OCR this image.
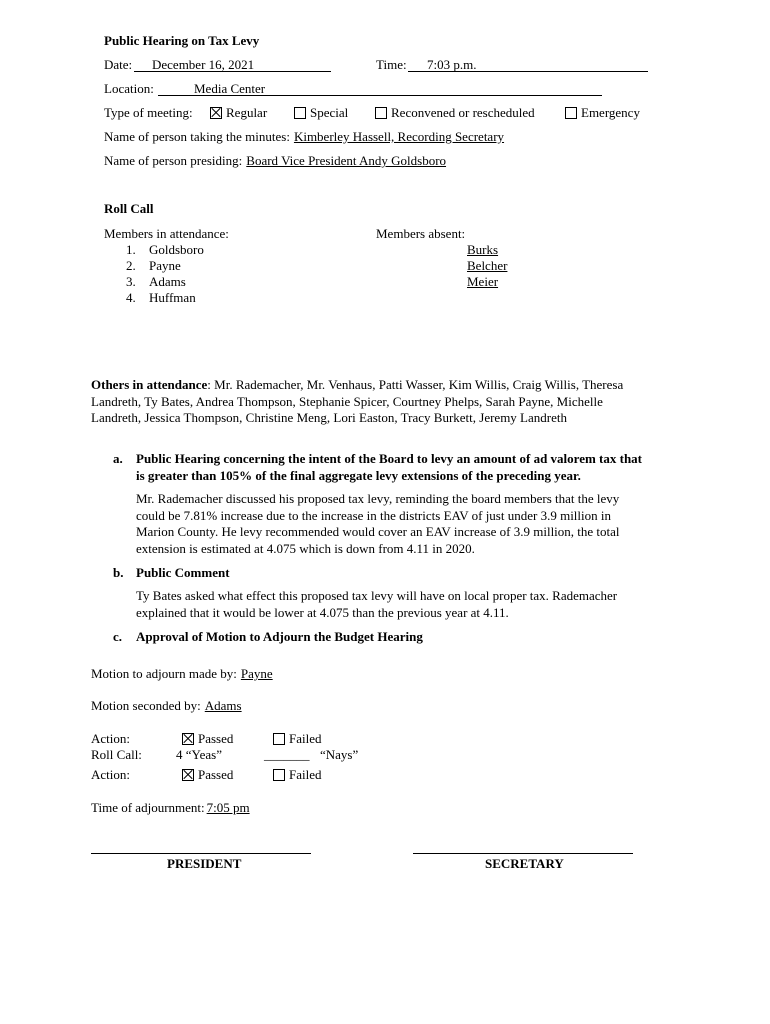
Public Hearing on Tax Levy
Date: December 16, 2021	Time: 7:03 p.m.
Location:	Media Center
Type of meeting:	Regular	Special	Reconvened or rescheduled	Emergency
Name of person taking the minutes: Kimberley Hassell, Recording Secretary
Name of person presiding: Board Vice President Andy Goldsboro
Roll Call
Members in attendance:
1. Goldsboro
2. Payne
3. Adams
4. Huffman
Members absent:
Burks
Belcher
Meier
Others in attendance: Mr. Rademacher, Mr. Venhaus, Patti Wasser, Kim Willis, Craig Willis, Theresa
Landreth, Ty Bates, Andrea Thompson, Stephanie Spicer, Courtney Phelps, Sarah Payne, Michelle
Landreth, Jessica Thompson, Christine Meng, Lori Easton, Tracy Burkett, Jeremy Landreth
a. Public Hearing concerning the intent of the Board to levy an amount of ad valorem tax that
is greater than 105% of the final aggregate levy extensions of the preceding year.
Mr. Rademacher discussed his proposed tax levy, reminding the board members that the levy
could be 7.81% increase due to the increase in the districts EAV of just under 3.9 million in
Marion County. He levy recommended would cover an EAV increase of 3.9 million, the total
extension is estimated at 4.075 which is down from 4.11 in 2020.
b. Public Comment
Ty Bates asked what effect this proposed tax levy will have on local proper tax. Rademacher
explained that it would be lower at 4.075 than the previous year at 4.11.
c. Approval of Motion to Adjourn the Budget Hearing
Motion to adjourn made by: Payne
Motion seconded by: Adams
Action:	Passed	Failed
Roll Call:	4 “Yeas”	_______ “Nays”
Action:	Passed	Failed
Time of adjournment: 7:05 pm
PRESIDENT	SECRETARY
